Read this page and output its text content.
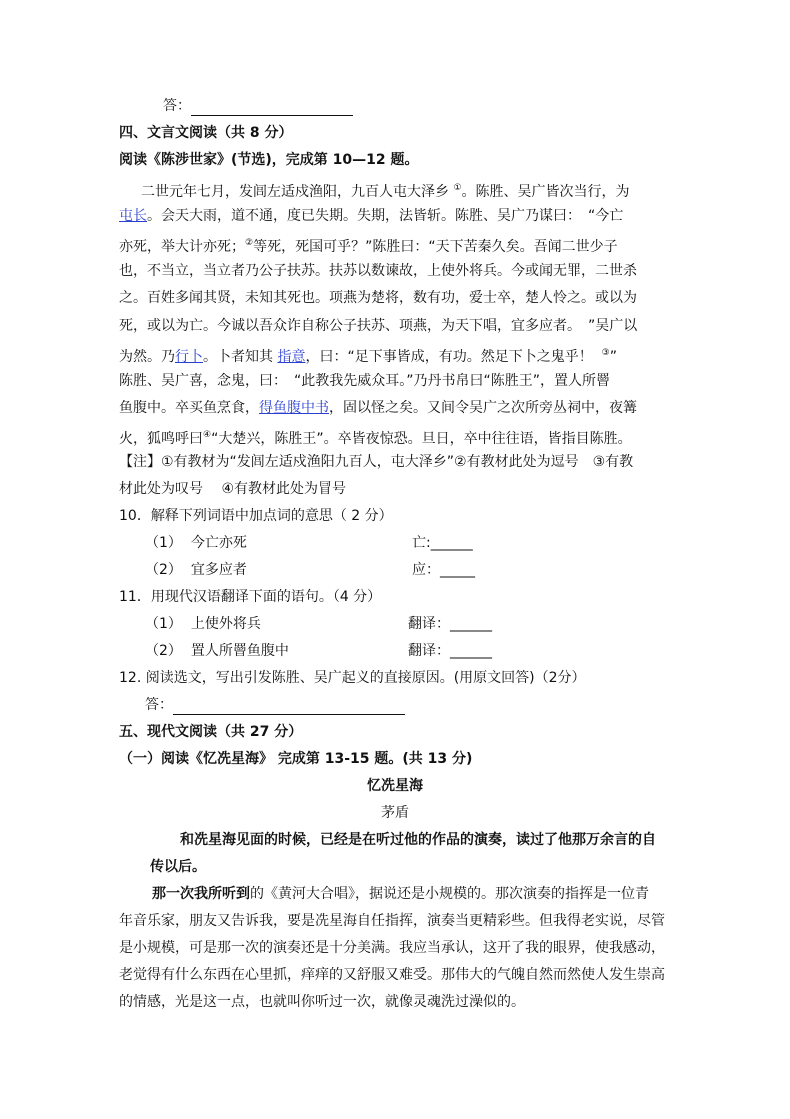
答：
四、文言文阅读（共 8 分）
阅读《陈涉世家》(节选)，完成第 10—12 题。
二世元年七月，发闾左适戍渔阳，九百人屯大泽乡 ①。陈胜、吴广皆次当行，为
屯长。会天大雨，道不通，度已失期。失期，法皆斩。陈胜、吴广乃谋曰：　“今亡
亦死，举大计亦死；②等死，死国可乎？”陈胜曰：“天下苦秦久矣。吾闻二世少子
也，不当立，当立者乃公子扶苏。扶苏以数谏故，上使外将兵。今或闻无罪，二世杀
之。百姓多闻其贤，未知其死也。项燕为楚将，数有功，爱士卒，楚人怜之。或以为
死，或以为亡。今诚以吾众诈自称公子扶苏、项燕，为天下唱，宜多应者。　”吴广以
为然。乃行卜。卜者知其 指意，曰：“足下事皆成，有功。然足下卜之鬼乎！ ③”
陈胜、吴广喜，念鬼，曰：　“此教我先威众耳。”乃丹书帛曰“陈胜王”，置人所罾
鱼腹中。卒买鱼烹食，得鱼腹中书，固以怪之矣。又间令吴广之次所旁丛祠中，夜篝
火，狐鸣呼曰④“大楚兴，陈胜王”。卒皆夜惊恐。旦日，卒中往往语，皆指目陈胜。
【注】①有教材为“发闾左适戍渔阳九百人，屯大泽乡”②有教材此处为逗号　③有教
材此处为叹号　 ④有教材此处为冒号
10．解释下列词语中加点词的意思（ 2 分）
（1） 今亡亦死	亡:______
（2） 宜多应者	应：_____
11．用现代汉语翻译下面的语句。（4 分）
（1） 上使外将兵	翻译：______
（2） 置人所罾鱼腹中	翻译：______
12. 阅读选文，写出引发陈胜、吴广起义的直接原因。(用原文回答)（2分）
答：
五、现代文阅读（共 27 分）
（一）阅读《忆冼星海》 完成第 13-15 题。(共 13 分)
忆冼星海
茅盾
和冼星海见面的时候，已经是在听过他的作品的演奏，读过了他那万余言的自
传以后。
那一次我所听到的《黄河大合唱》，据说还是小规模的。那次演奏的指挥是一位青
年音乐家，朋友又告诉我，要是冼星海自任指挥，演奏当更精彩些。但我得老实说，尽管
是小规模，可是那一次的演奏还是十分美满。我应当承认，这开了我的眼界，使我感动，
老觉得有什么东西在心里抓，痒痒的又舒服又难受。那伟大的气魄自然而然使人发生崇高
的情感，光是这一点，也就叫你听过一次，就像灵魂洗过澡似的。
